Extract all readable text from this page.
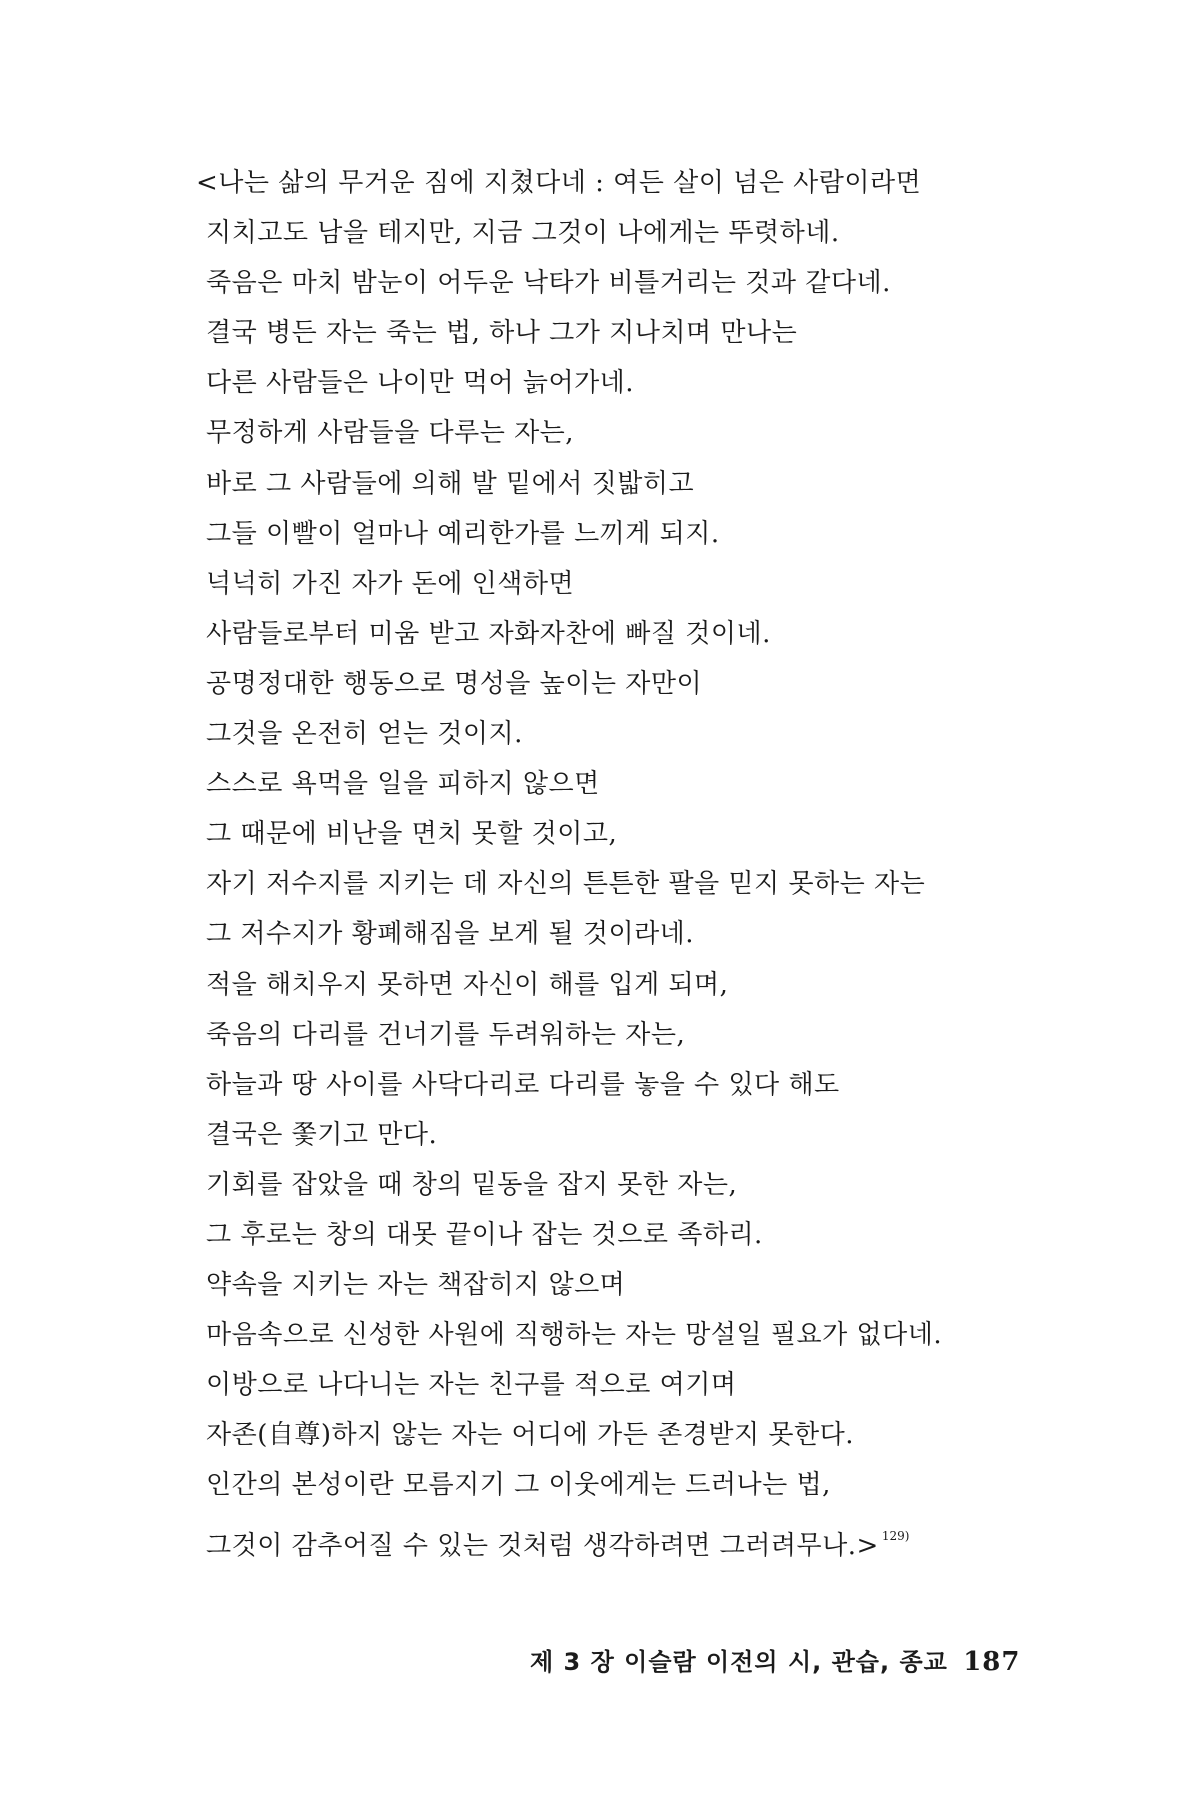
<나는 삶의 무거운 짐에 지쳤다네 : 여든 살이 넘은 사람이라면
지치고도 남을 테지만, 지금 그것이 나에게는 뚜렷하네.
죽음은 마치 밤눈이 어두운 낙타가 비틀거리는 것과 같다네.
결국 병든 자는 죽는 법, 하나 그가 지나치며 만나는
다른 사람들은 나이만 먹어 늙어가네.
무정하게 사람들을 다루는 자는,
바로 그 사람들에 의해 발 밑에서 짓밟히고
그들 이빨이 얼마나 예리한가를 느끼게 되지.
넉넉히 가진 자가 돈에 인색하면
사람들로부터 미움 받고 자화자찬에 빠질 것이네.
공명정대한 행동으로 명성을 높이는 자만이
그것을 온전히 얻는 것이지.
스스로 욕먹을 일을 피하지 않으면
그 때문에 비난을 면치 못할 것이고,
자기 저수지를 지키는 데 자신의 튼튼한 팔을 믿지 못하는 자는
그 저수지가 황폐해짐을 보게 될 것이라네.
적을 해치우지 못하면 자신이 해를 입게 되며,
죽음의 다리를 건너기를 두려워하는 자는,
하늘과 땅 사이를 사닥다리로 다리를 놓을 수 있다 해도
결국은 쫓기고 만다.
기회를 잡았을 때 창의 밑동을 잡지 못한 자는,
그 후로는 창의 대못 끝이나 잡는 것으로 족하리.
약속을 지키는 자는 책잡히지 않으며
마음속으로 신성한 사원에 직행하는 자는 망설일 필요가 없다네.
이방으로 나다니는 자는 친구를 적으로 여기며
자존(自尊)하지 않는 자는 어디에 가든 존경받지 못한다.
인간의 본성이란 모름지기 그 이웃에게는 드러나는 법,
그것이 감추어질 수 있는 것처럼 생각하려면 그러려무나.> $^{129)}$
제 3 장 이슬람 이전의 시, 관습, 종교 187
